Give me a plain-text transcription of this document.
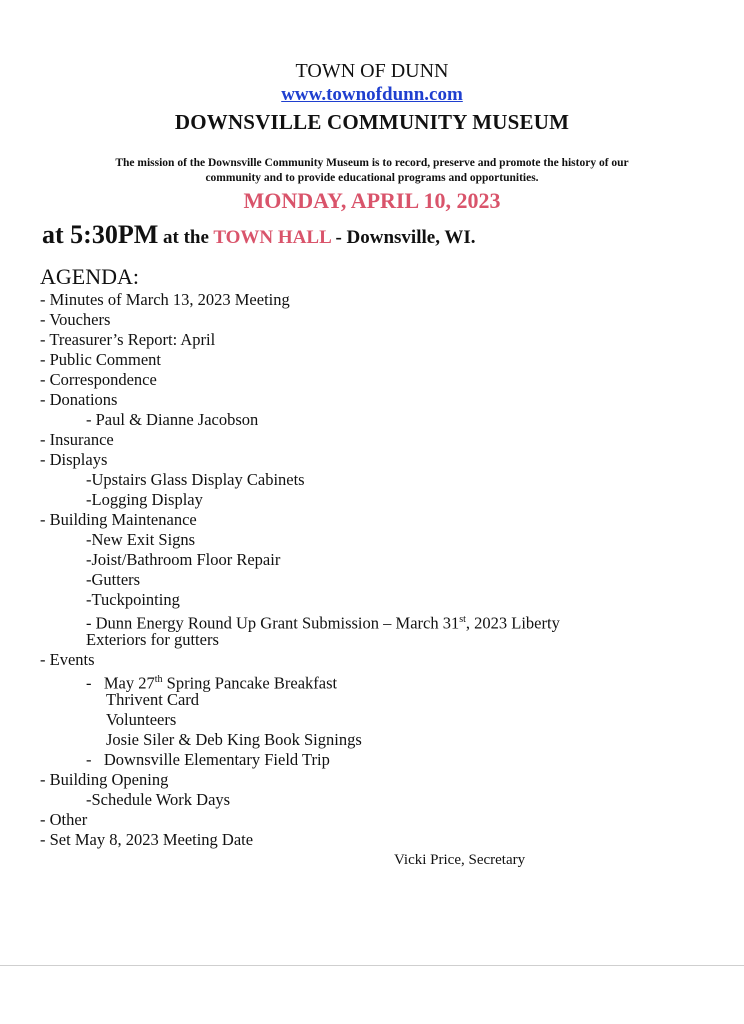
TOWN OF DUNN
www.townofdunn.com
DOWNSVILLE COMMUNITY MUSEUM
The mission of the Downsville Community Museum is to record, preserve and promote the history of our
community and to provide educational programs and opportunities.
MONDAY, APRIL 10, 2023
at 5:30PM at the TOWN HALL - Downsville, WI.
AGENDA:
- Minutes of March 13, 2023 Meeting
- Vouchers
- Treasurer’s Report: April
- Public Comment
- Correspondence
- Donations
- Paul & Dianne Jacobson
- Insurance
- Displays
-Upstairs Glass Display Cabinets
-Logging Display
- Building Maintenance
-New Exit Signs
-Joist/Bathroom Floor Repair
-Gutters
-Tuckpointing
- Dunn Energy Round Up Grant Submission – March 31st, 2023 Liberty
Exteriors for gutters
- Events
-   May 27th Spring Pancake Breakfast
Thrivent Card
Volunteers
Josie Siler & Deb King Book Signings
-   Downsville Elementary Field Trip
- Building Opening
-Schedule Work Days
- Other
- Set May 8, 2023 Meeting Date
Vicki Price, Secretary
